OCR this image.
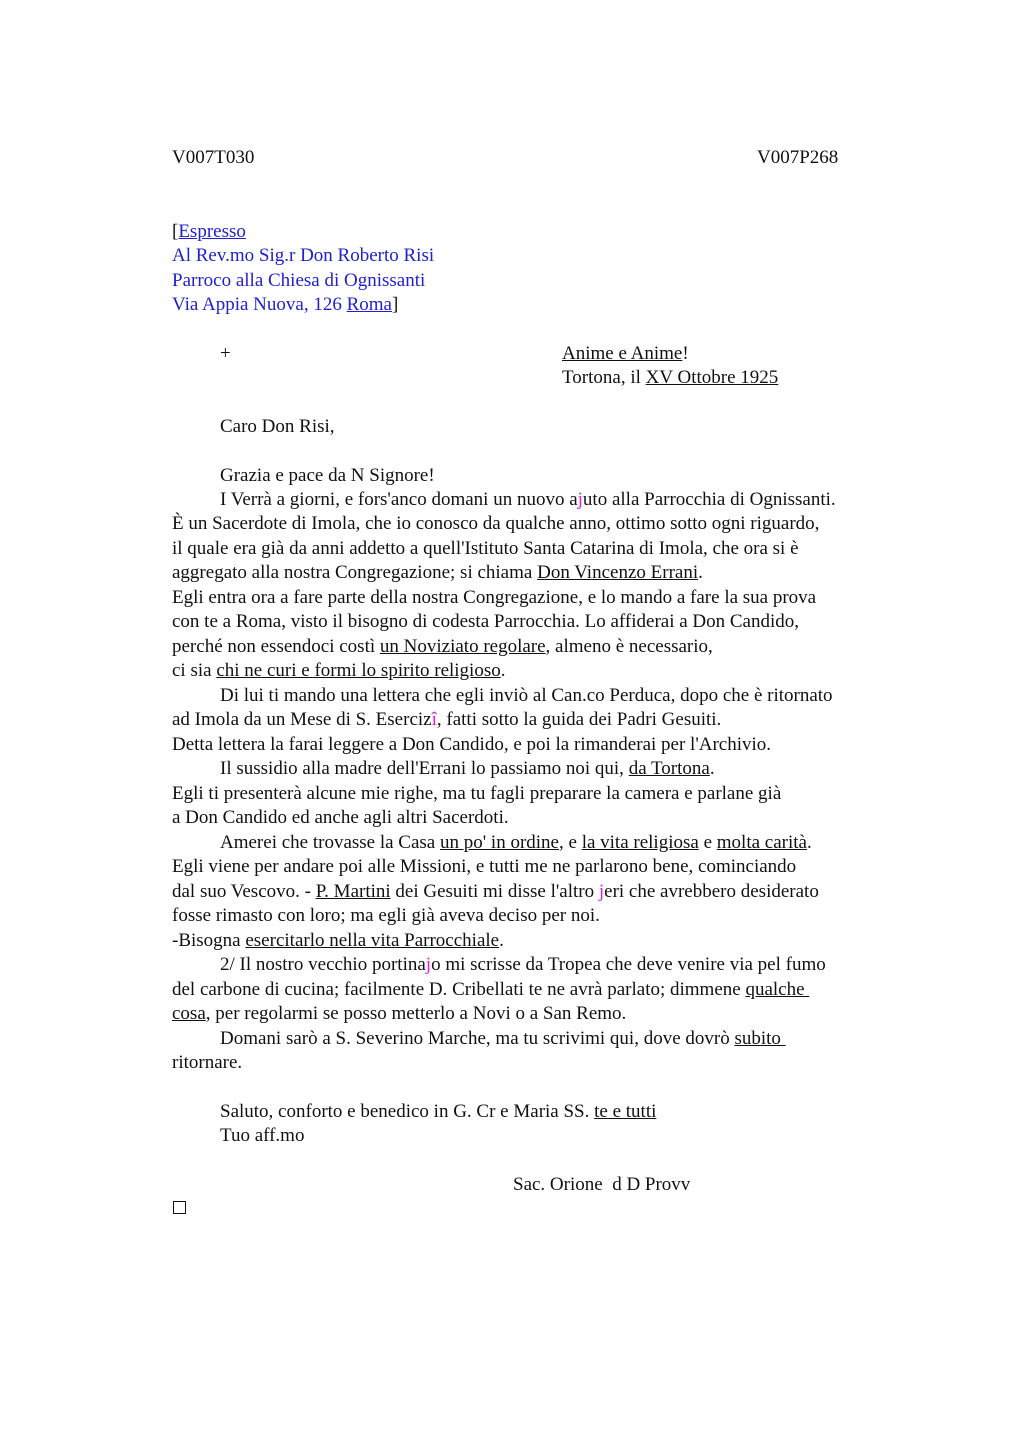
V007T030	V007P268
[Espresso
Al Rev.mo Sig.r Don Roberto Risi
Parroco alla Chiesa di Ognissanti
Via Appia Nuova, 126 Roma]
+	Anime e Anime!
Tortona, il XV Ottobre 1925
Caro Don Risi,
Grazia e pace da N Signore!
I Verrà a giorni, e fors'anco domani un nuovo ajuto alla Parrocchia di Ognissanti.
È un Sacerdote di Imola, che io conosco da qualche anno, ottimo sotto ogni riguardo,
il quale era già da anni addetto a quell'Istituto Santa Catarina di Imola, che ora si è
aggregato alla nostra Congregazione; si chiama Don Vincenzo Errani.
Egli entra ora a fare parte della nostra Congregazione, e lo mando a fare la sua prova
con te a Roma, visto il bisogno di codesta Parrocchia. Lo affiderai a Don Candido,
perché non essendoci costì un Noviziato regolare, almeno è necessario,
ci sia chi ne curi e formi lo spirito religioso.
Di lui ti mando una lettera che egli inviò al Can.co Perduca, dopo che è ritornato
ad Imola da un Mese di S. Esercizî, fatti sotto la guida dei Padri Gesuiti.
Detta lettera la farai leggere a Don Candido, e poi la rimanderai per l'Archivio.
Il sussidio alla madre dell'Errani lo passiamo noi qui, da Tortona.
Egli ti presenterà alcune mie righe, ma tu fagli preparare la camera e parlane già
a Don Candido ed anche agli altri Sacerdoti.
Amerei che trovasse la Casa un po' in ordine, e la vita religiosa e molta carità.
Egli viene per andare poi alle Missioni, e tutti me ne parlarono bene, cominciando
dal suo Vescovo. - P. Martini dei Gesuiti mi disse l'altro jeri che avrebbero desiderato
fosse rimasto con loro; ma egli già aveva deciso per noi.
-Bisogna esercitarlo nella vita Parrocchiale.
2/ Il nostro vecchio portinajo mi scrisse da Tropea che deve venire via pel fumo
del carbone di cucina; facilmente D. Cribellati te ne avrà parlato; dimmene qualche
cosa, per regolarmi se posso metterlo a Novi o a San Remo.
Domani sarò a S. Severino Marche, ma tu scrivimi qui, dove dovrò subito
ritornare.
Saluto, conforto e benedico in G. Cr e Maria SS. te e tutti
Tuo aff.mo
Sac. Orione  d D Provv
